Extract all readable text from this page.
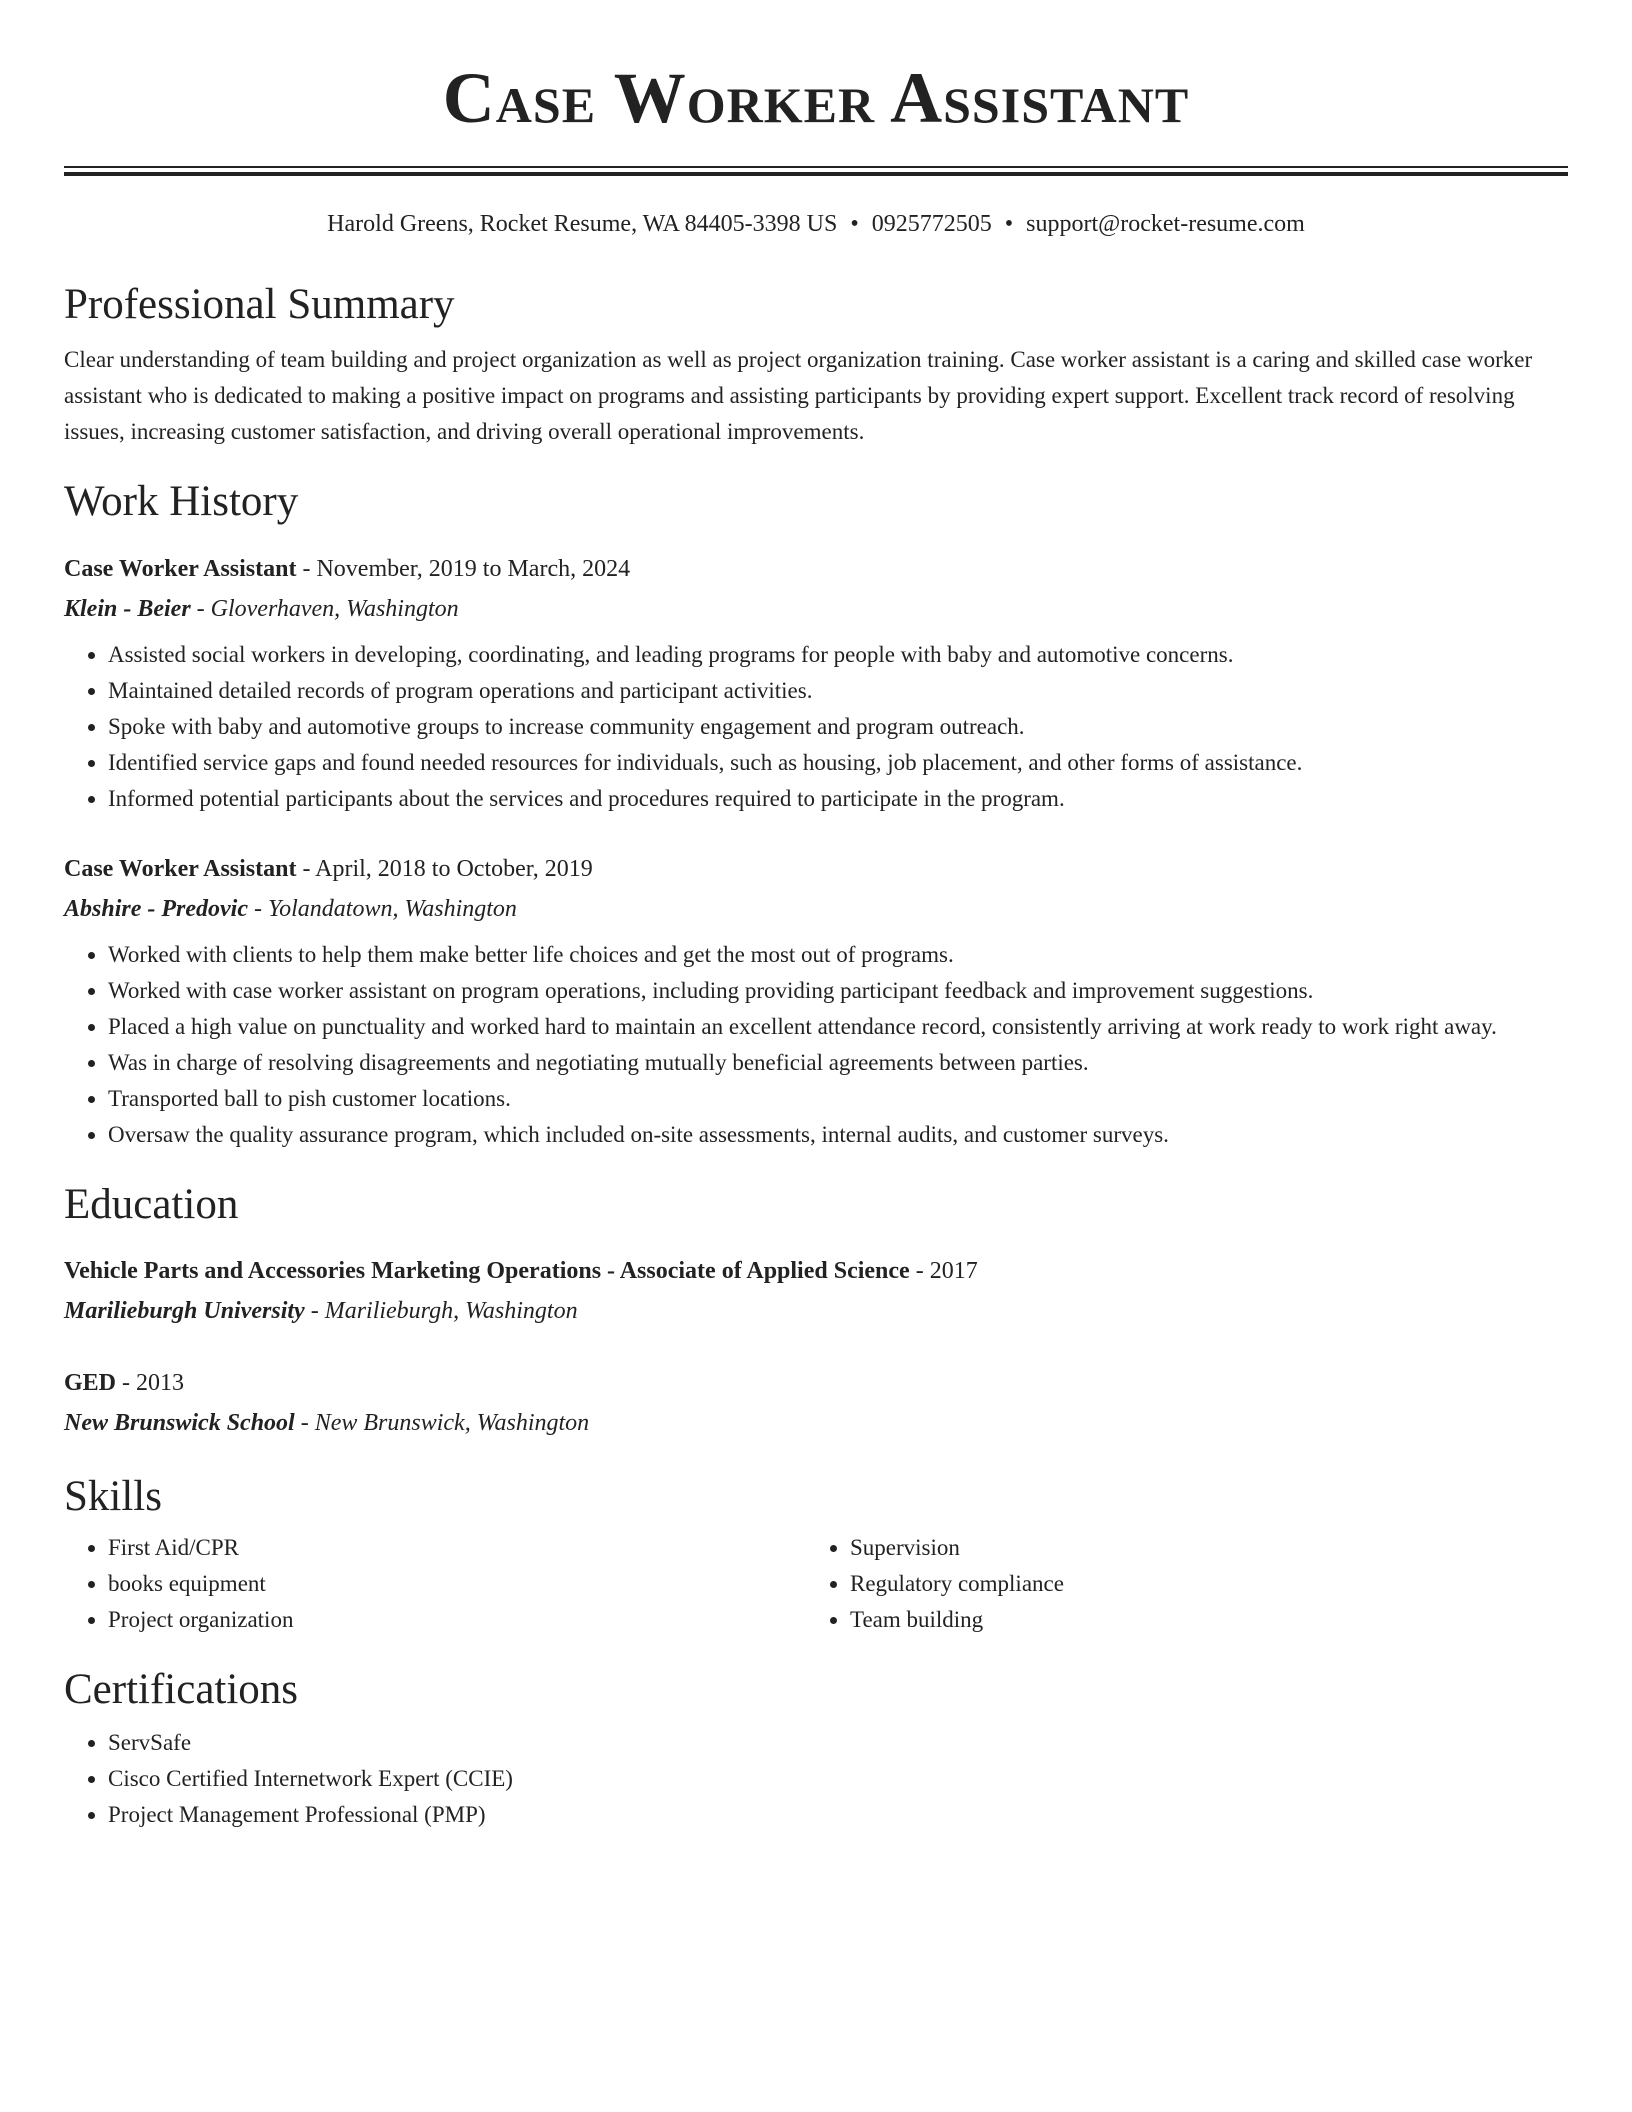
Case Worker Assistant
Harold Greens, Rocket Resume, WA 84405-3398 US • 0925772505 • support@rocket-resume.com
Professional Summary
Clear understanding of team building and project organization as well as project organization training. Case worker assistant is a caring and skilled case worker assistant who is dedicated to making a positive impact on programs and assisting participants by providing expert support. Excellent track record of resolving issues, increasing customer satisfaction, and driving overall operational improvements.
Work History
Case Worker Assistant - November, 2019 to March, 2024
Klein - Beier - Gloverhaven, Washington
• Assisted social workers in developing, coordinating, and leading programs for people with baby and automotive concerns.
• Maintained detailed records of program operations and participant activities.
• Spoke with baby and automotive groups to increase community engagement and program outreach.
• Identified service gaps and found needed resources for individuals, such as housing, job placement, and other forms of assistance.
• Informed potential participants about the services and procedures required to participate in the program.
Case Worker Assistant - April, 2018 to October, 2019
Abshire - Predovic - Yolandatown, Washington
• Worked with clients to help them make better life choices and get the most out of programs.
• Worked with case worker assistant on program operations, including providing participant feedback and improvement suggestions.
• Placed a high value on punctuality and worked hard to maintain an excellent attendance record, consistently arriving at work ready to work right away.
• Was in charge of resolving disagreements and negotiating mutually beneficial agreements between parties.
• Transported ball to pish customer locations.
• Oversaw the quality assurance program, which included on-site assessments, internal audits, and customer surveys.
Education
Vehicle Parts and Accessories Marketing Operations - Associate of Applied Science - 2017
Marilieburgh University - Marilieburgh, Washington
GED - 2013
New Brunswick School - New Brunswick, Washington
Skills
• First Aid/CPR
• books equipment
• Project organization
• Supervision
• Regulatory compliance
• Team building
Certifications
• ServSafe
• Cisco Certified Internetwork Expert (CCIE)
• Project Management Professional (PMP)
